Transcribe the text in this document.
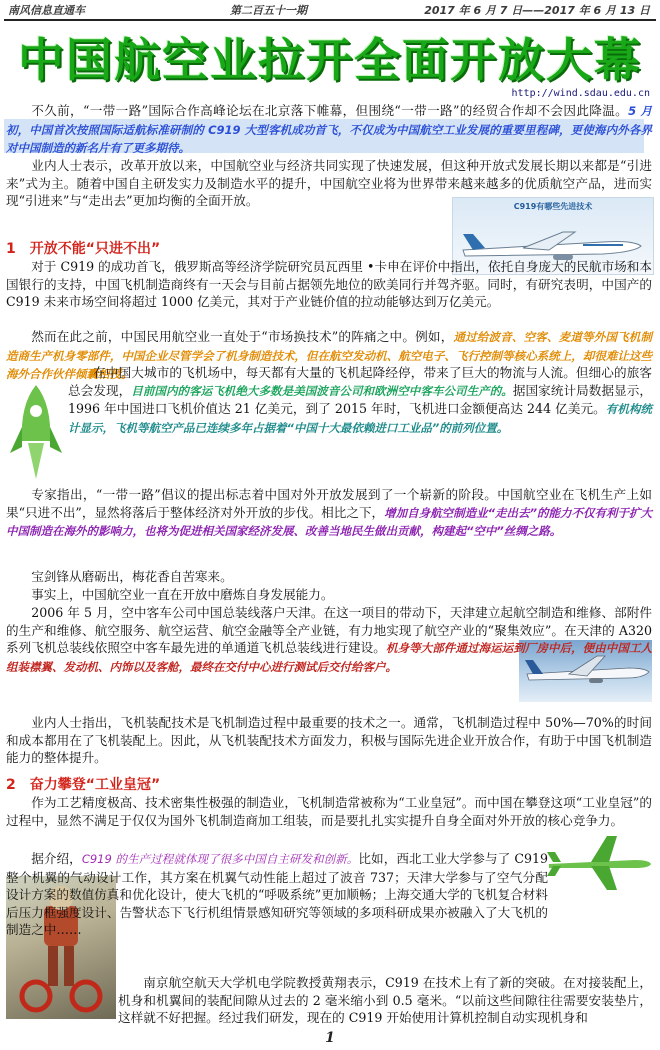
南风信息直通车	第二百五十一期	2017 年 6 月 7 日——2017 年 6 月 13 日
中国航空业拉开全面开放大幕
http://wind.sdau.edu.cn
不久前，“一带一路”国际合作高峰论坛在北京落下帷幕，但围绕“一带一路”的经贸合作却不会因此降温。5 月初，中国首次按照国际适航标准研制的 C919 大型客机成功首飞，不仅成为中国航空工业发展的重要里程碑，更使海内外各界对中国制造的新名片有了更多期待。
业内人士表示，改革开放以来，中国航空业与经济共同实现了快速发展，但这种开放式发展长期以来都是“引进来”式为主。随着中国自主研发实力及制造水平的提升，中国航空业将为世界带来越来越多的优质航空产品，进而实现“引进来”与“走出去”更加均衡的全面开放。	C919有哪些先进技术
1 开放不能“只进不出”
对于 C919 的成功首飞，俄罗斯高等经济学院研究员瓦西里 •卡申在评价中指出，依托自身庞大的民航市场和本国银行的支持，中国飞机制造商终有一天会与目前占据领先地位的欧美同行并驾齐驱。同时，有研究表明，中国产的 C919 未来市场空间将超过 1000 亿美元，其对于产业链价值的拉动能够达到万亿美元。
然而在此之前，中国民用航空业一直处于“市场换技术”的阵痛之中。例如，通过给波音、空客、麦道等外国飞机制造商生产机身零部件，中国企业尽管学会了机身制造技术，但在航空发动机、航空电子、飞行控制等核心系统上，却很难让这些海外合作伙伴倾囊相授。
在中国大城市的飞机场中，每天都有大量的飞机起降经停，带来了巨大的物流与人流。但细心的旅客总会发现，目前国内的客运飞机绝大多数是美国波音公司和欧洲空中客车公司生产的。据国家统计局数据显示，1996 年中国进口飞机价值达 21 亿美元，到了 2015 年时，飞机进口金额便高达 244 亿美元。有机构统计显示，飞机等航空产品已连续多年占据着“中国十大最依赖进口工业品”的前列位置。
专家指出，“一带一路”倡议的提出标志着中国对外开放发展到了一个崭新的阶段。中国航空业在飞机生产上如果“只进不出”，显然将落后于整体经济对外开放的步伐。相比之下，增加自身航空制造业“走出去”的能力不仅有利于扩大中国制造在海外的影响力，也将为促进相关国家经济发展、改善当地民生做出贡献，构建起“空中”丝绸之路。
宝剑锋从磨砺出，梅花香自苦寒来。
事实上，中国航空业一直在开放中磨炼自身发展能力。
2006 年 5 月，空中客车公司中国总装线落户天津。在这一项目的带动下，天津建立起航空制造和维修、部附件的生产和维修、航空服务、航空运营、航空金融等全产业链，有力地实现了航空产业的“聚集效应”。在天津的 A320 系列飞机总装线依照空中客车最先进的单通道飞机总装线进行建设。机身等大部件通过海运运到厂房中后，便由中国工人组装襟翼、发动机、内饰以及客舱，最终在交付中心进行测试后交付给客户。
业内人士指出，飞机装配技术是飞机制造过程中最重要的技术之一。通常，飞机制造过程中 50%—70%的时间和成本都用在了飞机装配上。因此，从飞机装配技术方面发力，积极与国际先进企业开放合作，有助于中国飞机制造能力的整体提升。
2 奋力攀登“工业皇冠”
作为工艺精度极高、技术密集性极强的制造业，飞机制造常被称为“工业皇冠”。而中国在攀登这项“工业皇冠”的过程中，显然不满足于仅仅为国外飞机制造商加工组装，而是要扎扎实实提升自身全面对外开放的核心竞争力。
据介绍，C919 的生产过程就体现了很多中国自主研发和创新。比如，西北工业大学参与了 C919 整个机翼的气动设计工作，其方案在机翼气动性能上超过了波音 737；天津大学参与了空气分配设计方案的数值仿真和优化设计，使大飞机的“呼吸系统”更加顺畅；上海交通大学的飞机复合材料后压力框强度设计、告警状态下飞行机组情景感知研究等领域的多项科研成果亦被融入了大飞机的制造之中……
南京航空航天大学机电学院教授黄翔表示，C919 在技术上有了新的突破。在对接装配上，机身和机翼间的装配间隙从过去的 2 毫米缩小到 0.5 毫米。“以前这些间隙往往需要安装垫片，这样就不好把握。经过我们研发，现在的 C919 开始使用计算机控制自动实现机身和
1
